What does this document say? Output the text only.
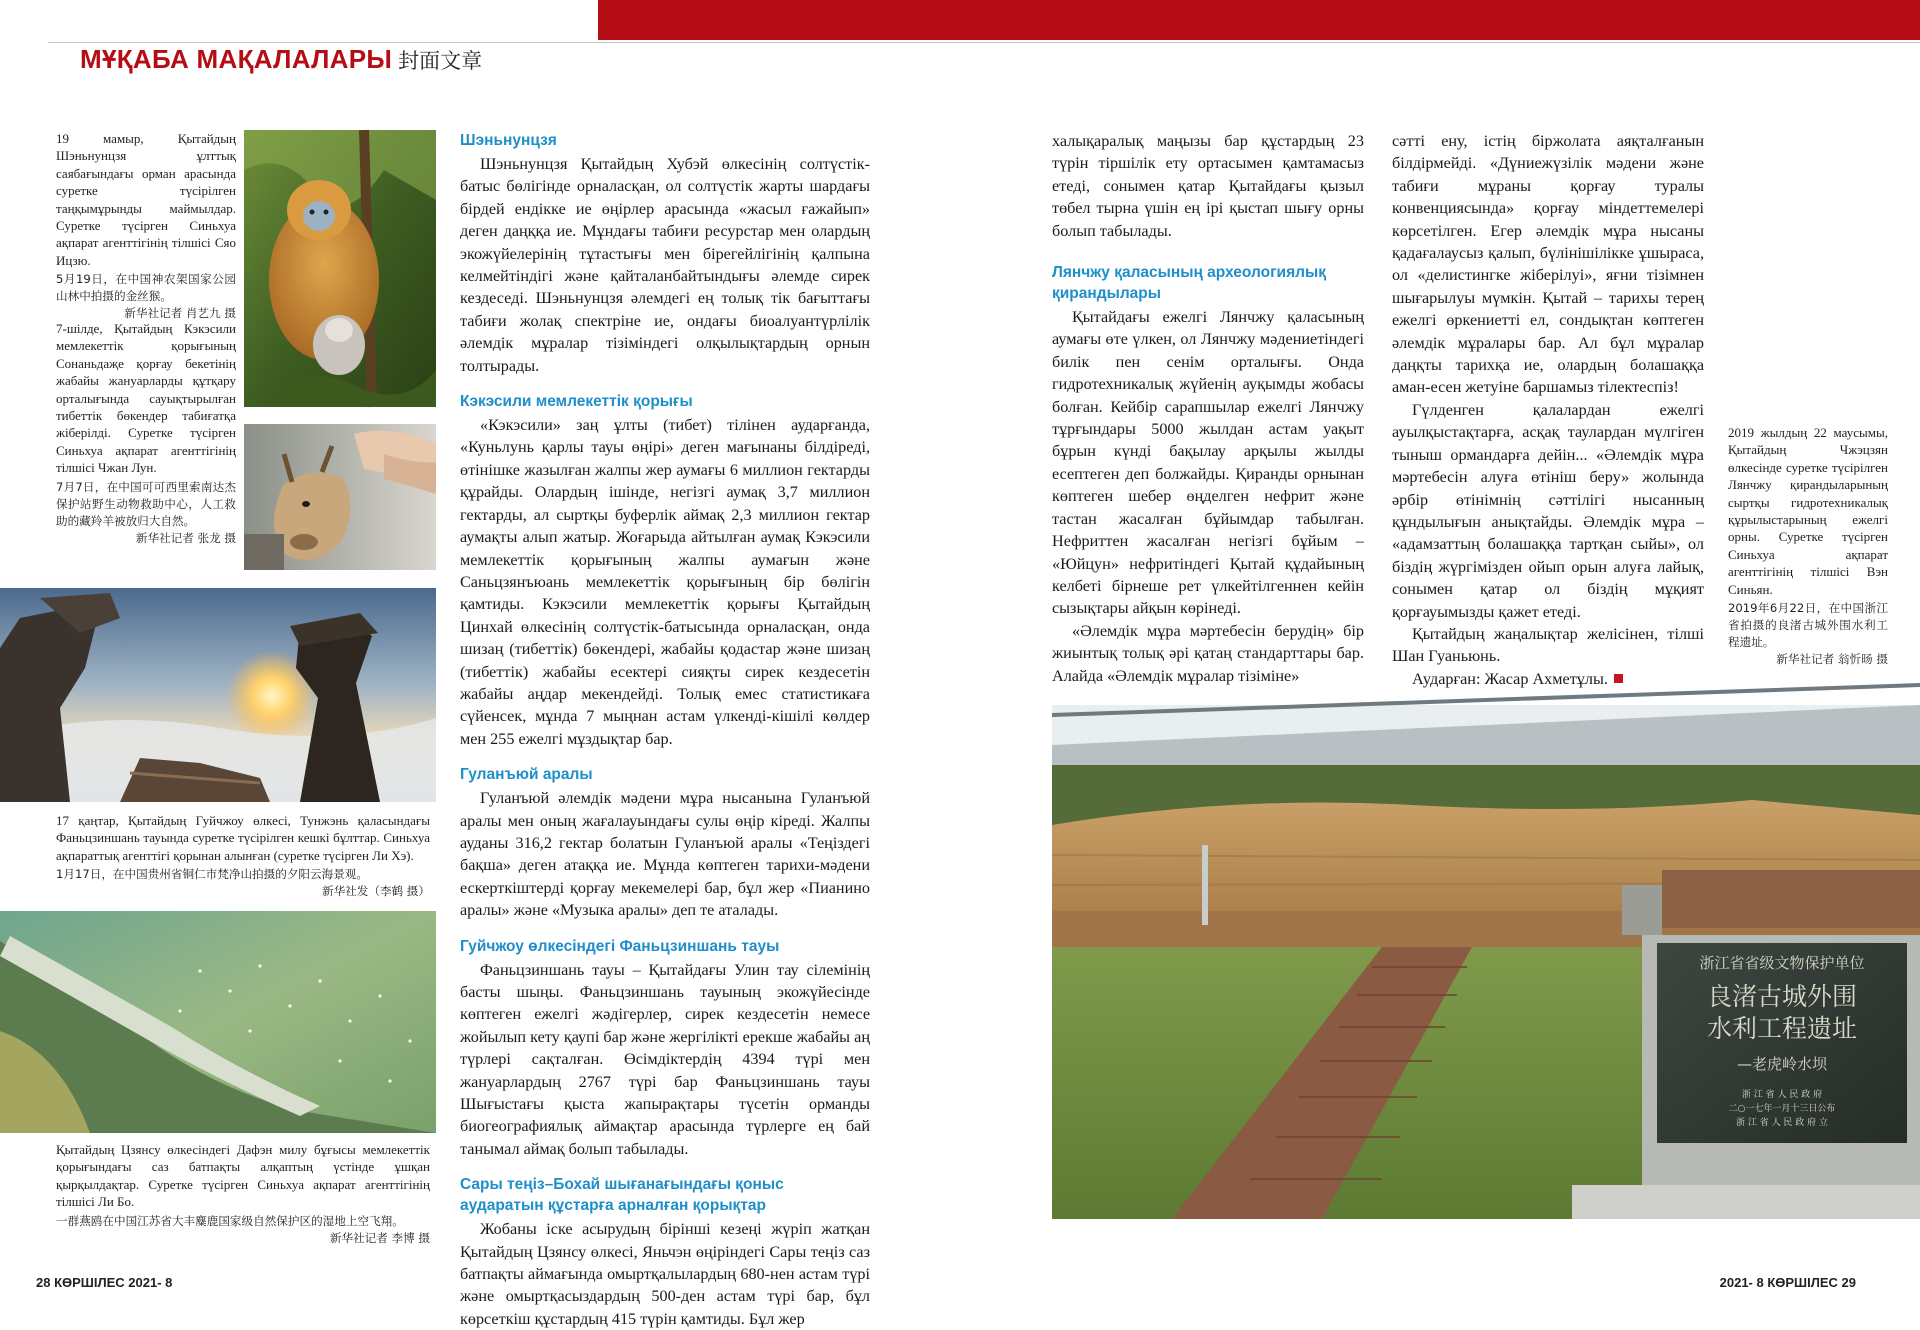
МҰҚАБА МАҚАЛАЛАРЫ 封面文章
19 мамыр, Қытайдың Шэньнунцзя ұлттық саябағындағы орман арасында суретке түсірілген таңқымұрынды маймылдар. Суретке түсірген Синьхуа ақпарат агенттігінің тілшісі Сяо Ицзю.
5月19日，在中国神农架国家公园山林中拍摄的金丝猴。
新华社记者 肖艺九 摄
7-шілде, Қытайдың Кэкэсили мемлекеттік қорығының Сонаньдаҗе қорғау бекетінің жабайы жануарларды құтқару орталығында сауықтырылған тибеттік бөкендер табиғатқа жіберілді. Суретке түсірген Синьхуа ақпарат агенттігінің тілшісі Чжан Лун.
7月7日，在中国可可西里索南达杰保护站野生动物救助中心，人工救助的藏羚羊被放归大自然。
新华社记者 张龙 摄
17 қаңтар, Қытайдың Гуйчжоу өлкесі, Тунжэнь қаласындағы Фаньцзиншань тауында суретке түсірілген кешкі бұлттар. Синьхуа ақпараттық агенттігі қорынан алынған (суретке түсірген Ли Хэ).
1月17日，在中国贵州省铜仁市梵净山拍摄的夕阳云海景观。
新华社发（李鹤 摄）
Қытайдың Цзянсу өлкесіндегі Дафэн милу бұғысы мемлекеттік қорығындағы саз батпақты алқаптың үстінде ұшқан қырқылдақтар. Суретке түсірген Синьхуа ақпарат агенттігінің тілшісі Ли Бо.
一群燕鸥在中国江苏省大丰麋鹿国家级自然保护区的湿地上空飞翔。
新华社记者 李博 摄
Шэньнунцзя

Шэньнунцзя Қытайдың Хубэй өлкесінің солтүстік-батыс бөлігінде орналасқан, ол солтүстік жарты шардағы бірдей ендікке ие өңірлер арасында «жасыл ғажайып» деген даңққа ие. Мұндағы табиғи ресурстар мен олардың экожүйелерінің тұтастығы мен бірегейлігінің қалпына келмейтіндігі және қайталанбайтындығы әлемде сирек кездеседі. Шэньнунцзя әлемдегі ең толық тік бағыттағы табиғи жолақ спектріне ие, ондағы биоалуантүрлілік әлемдік мұралар тізіміндегі олқылықтардың орнын толтырады.

Кэкэсили мемлекеттік қорығы

«Кэкэсили» заң ұлты (тибет) тілінен аударғанда, «Куньлунь қарлы тауы өңірі» деген мағынаны білдіреді, өтінішке жазылған жалпы жер аумағы 6 миллион гектарды құрайды. Олардың ішінде, негізгі аумақ 3,7 миллион гектарды, ал сыртқы буферлік аймақ 2,3 миллион гектар аумақты алып жатыр. Жоғарыда айтылған аумақ Кэкэсили мемлекеттік қорығының жалпы аумағын және Саньцзянъюань мемлекеттік қорығының бір бөлігін қамтиды. Кэкэсили мемлекеттік қорығы Қытайдың Цинхай өлкесінің солтүстік-батысында орналасқан, онда шизаң (тибеттік) бөкендері, жабайы қодастар және шизаң (тибеттік) жабайы есектері сияқты сирек кездесетін жабайы аңдар мекендейді. Толық емес статистикаға сүйенсек, мұнда 7 мыңнан астам үлкенді-кішілі көлдер мен 255 ежелгі мұздықтар бар.

Гуланъюй аралы

Гуланъюй әлемдік мәдени мұра нысанына Гуланъюй аралы мен оның жағалауындағы сулы өңір кіреді. Жалпы ауданы 316,2 гектар болатын Гуланъюй аралы «Теңіздегі бақша» деген атаққа ие. Мұнда көптеген тарихи-мәдени ескерткіштерді қорғау мекемелері бар, бұл жер «Пианино аралы» және «Музыка аралы» деп те аталады.

Гуйчжоу өлкесіндегі Фаньцзиншань тауы

Фаньцзиншань тауы – Қытайдағы Улин тау сілемінің басты шыңы. Фаньцзиншань тауының экожүйесінде көптеген ежелгі жәдігерлер, сирек кездесетін немесе жойылып кету қаупі бар және жергілікті ерекше жабайы аң түрлері сақталған. Өсімдіктердің 4394 түрі мен жануарлардың 2767 түрі бар Фаньцзиншань тауы Шығыстағы қыста жапырақтары түсетін орманды биогеографиялық аймақтар арасында түрлерге ең бай танымал аймақ болып табылады.

Сары теңіз–Бохай шығанағындағы қоныс аударатын құстарға арналған қорықтар

Жобаны іске асырудың бірінші кезеңі жүріп жатқан Қытайдың Цзянсу өлкесі, Яньчэн өңіріндегі Сары теңіз саз батпақты аймағында омыртқалылардың 680-нен астам түрі және омыртқасыздардың 500-ден астам түрі бар, бұл көрсеткіш құстардың 415 түрін қамтиды. Бұл жер

халықаралық маңызы бар құстардың 23 түрін тіршілік ету ортасымен қамтамасыз етеді, сонымен қатар Қытайдағы қызыл төбел тырна үшін ең ірі қыстап шығу орны болып табылады.

Лянчжу қаласының археологиялық қирандылары

Қытайдағы ежелгі Лянчжу қаласының аумағы өте үлкен, ол Лянчжу мәдениетіндегі билік пен сенім орталығы. Онда гидротехникалық жүйенің ауқымды жобасы болған. Кейбір сарапшылар ежелгі Лянчжу тұрғындары 5000 жылдан астам уақыт бұрын күнді бақылау арқылы жылды есептеген деп болжайды. Қиранды орнынан көптеген шебер өңделген нефрит және тастан жасалған бұйымдар табылған. Нефриттен жасалған негізгі бұйым – «Юйцун» нефритіндегі Қытай құдайының келбеті бірнеше рет үлкейтілгеннен кейін сызықтары айқын көрінеді.

«Әлемдік мұра мәртебесін берудің» бір жиынтық толық әрі қатаң стандарттары бар. Алайда «Әлемдік мұралар тізіміне»

сәтті ену, істің біржолата аяқталғанын білдірмейді. «Дүниежүзілік мәдени және табиғи мұраны қорғау туралы конвенциясында» қорғау міндеттемелері көрсетілген. Егер әлемдік мұра нысаны қадағалаусыз қалып, бүлінішілікке ұшыраса, ол «делистингке жіберілуі», яғни тізімнен шығарылуы мүмкін. Қытай – тарихы терең ежелгі өркениетті ел, сондықтан көптеген әлемдік мұралары бар. Ал бұл мұралар даңқты тарихқа ие, олардың болашаққа аман-есен жетуіне баршамыз тілектеспіз!

Гүлденген қалалардан ежелгі ауылқыстақтарға, асқақ таулардан мүлгіген тыныш ормандарға дейін... «Әлемдік мұра мәртебесін алуға өтініш беру» жолында әрбір өтінімнің сәттілігі нысанның құндылығын анықтайды. Әлемдік мұра – «адамзаттың болашаққа тартқан сыйы», ол біздің жүргімізден ойып орын алуға лайық, сонымен қатар ол біздің мұқият қорғауымызды қажет етеді.

Қытайдың жаңалықтар желісінен, тілші Шан Гуаньюнь.

Аударған: Жасар Ахметұлы.

2019 жылдың 22 маусымы, Қытайдың Чжэцзян өлкесінде суретке түсірілген Лянчжу қирандыларының сыртқы гидротехникалық құрылыстарының ежелгі орны. Суретке түсірген Синьхуа ақпарат агенттігінің тілшісі Вэн Синьян.
2019年6月22日，在中国浙江省拍摄的良渚古城外围水利工程遗址。
新华社记者 翁忻旸 摄
浙江省省级文物保护单位
良渚古城外围
水利工程遗址
—老虎岭水坝
浙 江 省 人 民 政 府
二○一七年一月十三日公布
浙 江 省 人 民 政 府 立
28 КӨРШІЛЕС 2021- 8	2021- 8 КӨРШІЛЕС 29
